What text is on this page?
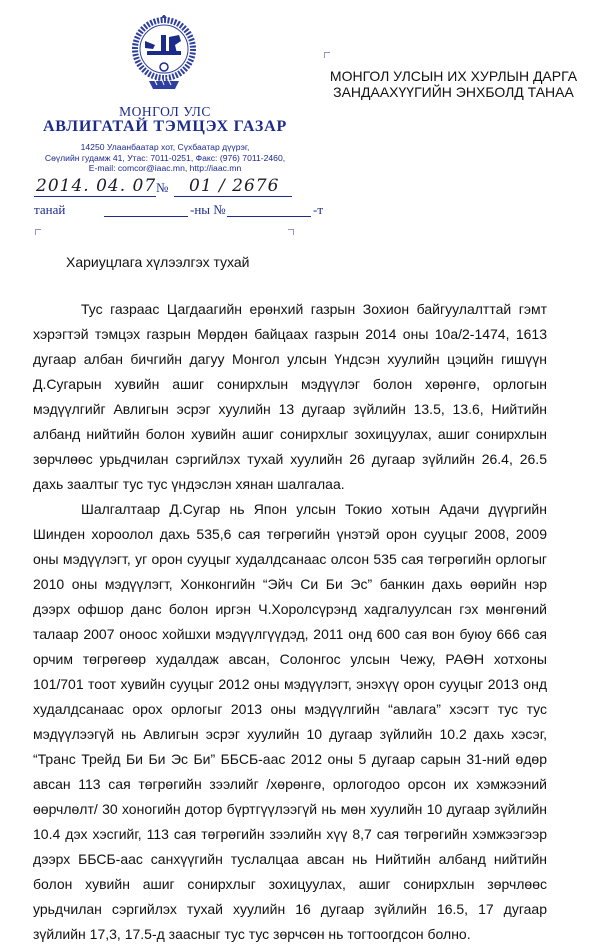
МОНГОЛ УЛС
АВЛИГАТАЙ ТЭМЦЭХ ГАЗАР
14250 Улаанбаатар хот, Сүхбаатар дүүрэг,
Сөүлийн гудамж 41, Утас: 7011-0251, Факс: (976) 7011-2460,
E-mail: comcor@iaac.mn, http://iaac.mn
2014. 04. 07 № 01 / 2676
танай	-ны №	-т
МОНГОЛ УЛСЫН ИХ ХУРЛЫН ДАРГА
ЗАНДААХҮҮГИЙН ЭНХБОЛД ТАНАА
Хариуцлага хүлээлгэх тухай

Тус газраас Цагдаагийн ерөнхий газрын Зохион байгуулалттай гэмт хэрэгтэй тэмцэх газрын Мөрдөн байцаах газрын 2014 оны 10а/2-1474, 1613 дугаар албан бичгийн дагуу Монгол улсын Үндсэн хуулийн цэцийн гишүүн Д.Сугарын хувийн ашиг сонирхлын мэдүүлэг болон хөрөнгө, орлогын мэдүүлгийг Авлигын эсрэг хуулийн 13 дугаар зүйлийн 13.5, 13.6, Нийтийн албанд нийтийн болон хувийн ашиг сонирхлыг зохицуулах, ашиг сонирхлын зөрчлөөс урьдчилан сэргийлэх тухай хуулийн 26 дугаар зүйлийн 26.4, 26.5 дахь заалтыг тус тус үндэслэн хянан шалгалаа.

Шалгалтаар Д.Сугар нь Япон улсын Токио хотын Адачи дүүргийн Шинден хороолол дахь 535,6 сая төгрөгийн үнэтэй орон сууцыг 2008, 2009 оны мэдүүлэгт, уг орон сууцыг худалдсанаас олсон 535 сая төгрөгийн орлогыг 2010 оны мэдүүлэгт, Хонконгийн “Эйч Си Би Эс” банкин дахь өөрийн нэр дээрх офшор данс болон иргэн Ч.Хоролсүрэнд хадгалуулсан гэх мөнгөний талаар 2007 оноос хойшхи мэдүүлгүүдэд, 2011 онд 600 сая вон буюу 666 сая орчим төгрөгөөр худалдаж авсан, Солонгос улсын Чежу, РАӨН хотхоны 101/701 тоот хувийн сууцыг 2012 оны мэдүүлэгт, энэхүү орон сууцыг 2013 онд худалдсанаас орох орлогыг 2013 оны мэдүүлгийн “авлага” хэсэгт тус тус мэдүүлээгүй нь Авлигын эсрэг хуулийн 10 дугаар зүйлийн 10.2 дахь хэсэг, “Транс Трейд Би Би Эс Би” ББСБ-аас 2012 оны 5 дугаар сарын 31-ний өдөр авсан 113 сая төгрөгийн зээлийг /хөрөнгө, орлогодоо орсон их хэмжээний өөрчлөлт/ 30 хоногийн дотор бүртгүүлээгүй нь мөн хуулийн 10 дугаар зүйлийн 10.4 дэх хэсгийг, 113 сая төгрөгийн зээлийн хүү 8,7 сая төгрөгийн хэмжээгээр дээрх ББСБ-аас санхүүгийн туслалцаа авсан нь Нийтийн албанд нийтийн болон хувийн ашиг сонирхлыг зохицуулах, ашиг сонирхлын зөрчлөөс урьдчилан сэргийлэх тухай хуулийн 16 дугаар зүйлийн 16.5, 17 дугаар зүйлийн 17,3, 17.5-д заасныг тус тус зөрчсөн нь тогтоогдсон болно.
